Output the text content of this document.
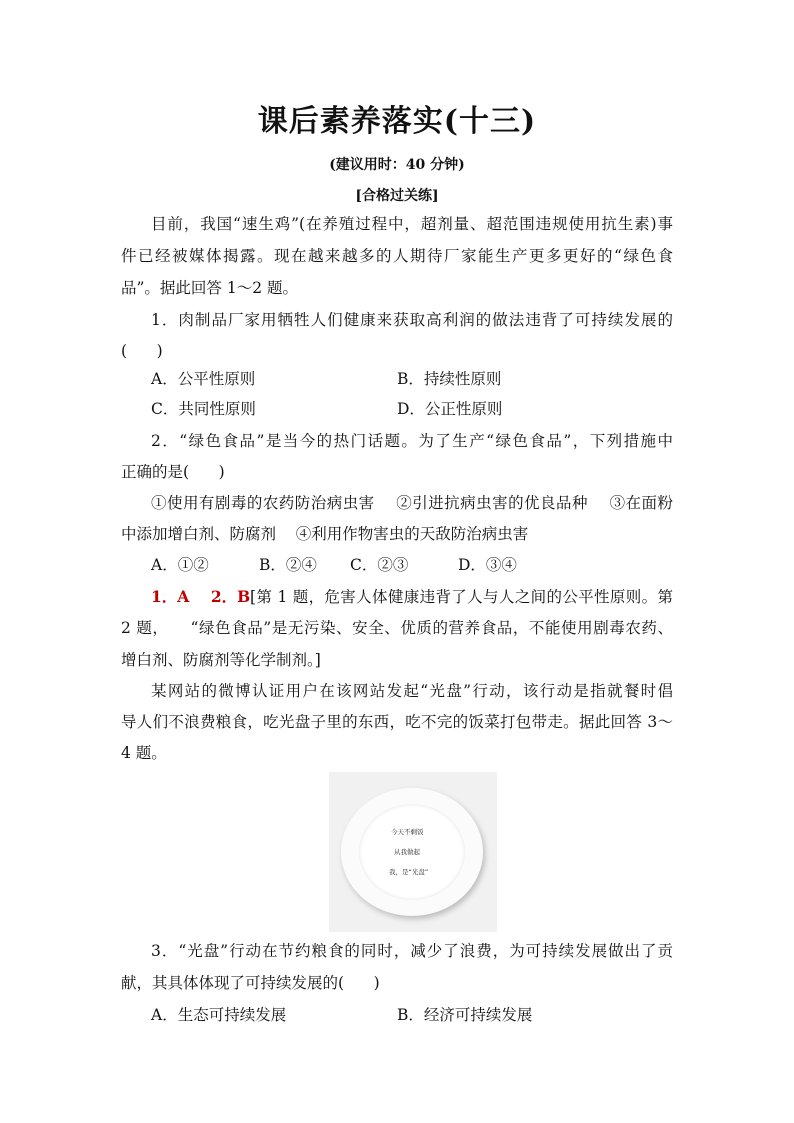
课后素养落实(十三)
(建议用时：40 分钟)
[合格过关练]
目前，我国“速生鸡”(在养殖过程中，超剂量、超范围违规使用抗生素)事
件已经被媒体揭露。现在越来越多的人期待厂家能生产更多更好的“绿色食
品”。据此回答 1～2 题。
1．肉制品厂家用牺牲人们健康来获取高利润的做法违背了可持续发展的
(      )
A．公平性原则	B．持续性原则
C．共同性原则	D．公正性原则
2．“绿色食品”是当今的热门话题。为了生产“绿色食品”，下列措施中
正确的是(      )
①使用有剧毒的农药防治病虫害    ②引进抗病虫害的优良品种    ③在面粉
中添加增白剂、防腐剂    ④利用作物害虫的天敌防治病虫害
A．①②	B．②④ C．②③	D．③④
1．A    2．B [第 1 题，危害人体健康违背了人与人之间的公平性原则。第
2 题，    “绿色食品”是无污染、安全、优质的营养食品，不能使用剧毒农药、
增白剂、防腐剂等化学制剂。]
某网站的微博认证用户在该网站发起“光盘”行动，该行动是指就餐时倡
导人们不浪费粮食，吃光盘子里的东西，吃不完的饭菜打包带走。据此回答 3～
4 题。
今天不剩饭
从我做起
我，是“光盘”
3．“光盘”行动在节约粮食的同时，减少了浪费，为可持续发展做出了贡
献，其具体体现了可持续发展的(      )
A．生态可持续发展	B．经济可持续发展
